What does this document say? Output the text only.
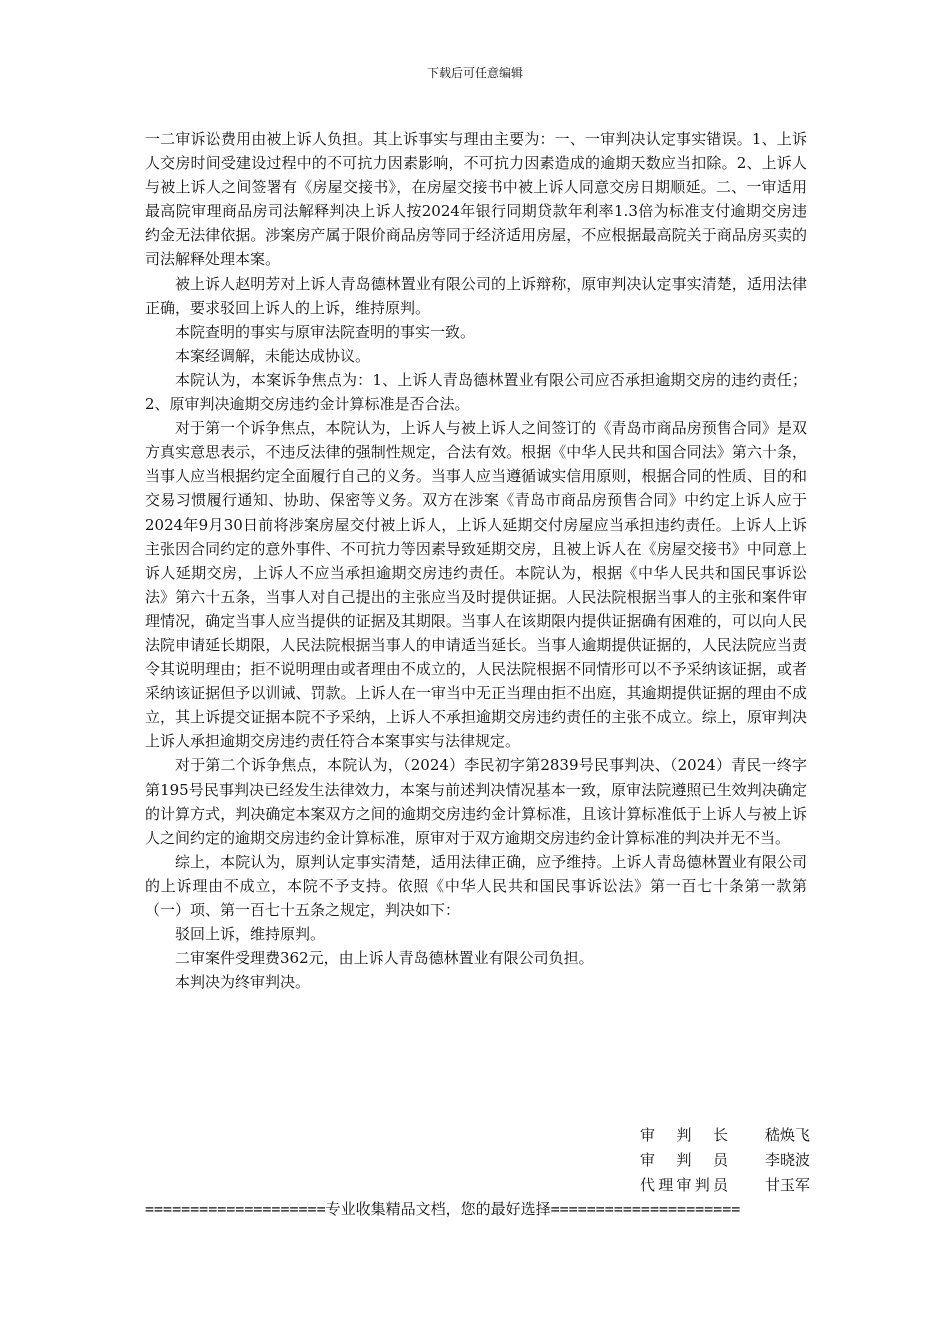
下载后可任意编辑

一二审诉讼费用由被上诉人负担。其上诉事实与理由主要为：一、一审判决认定事实错误。1、上诉人交房时间受建设过程中的不可抗力因素影响，不可抗力因素造成的逾期天数应当扣除。2、上诉人与被上诉人之间签署有《房屋交接书》，在房屋交接书中被上诉人同意交房日期顺延。二、一审适用最高院审理商品房司法解释判决上诉人按2024年银行同期贷款年利率1.3倍为标准支付逾期交房违约金无法律依据。涉案房产属于限价商品房等同于经济适用房屋，不应根据最高院关于商品房买卖的司法解释处理本案。

被上诉人赵明芳对上诉人青岛德林置业有限公司的上诉辩称，原审判决认定事实清楚，适用法律正确，要求驳回上诉人的上诉，维持原判。

本院查明的事实与原审法院查明的事实一致。

本案经调解，未能达成协议。

本院认为，本案诉争焦点为：1、上诉人青岛德林置业有限公司应否承担逾期交房的违约责任；2、原审判决逾期交房违约金计算标准是否合法。

对于第一个诉争焦点，本院认为，上诉人与被上诉人之间签订的《青岛市商品房预售合同》是双方真实意思表示，不违反法律的强制性规定，合法有效。根据《中华人民共和国合同法》第六十条，当事人应当根据约定全面履行自己的义务。当事人应当遵循诚实信用原则，根据合同的性质、目的和交易习惯履行通知、协助、保密等义务。双方在涉案《青岛市商品房预售合同》中约定上诉人应于2024年9月30日前将涉案房屋交付被上诉人，上诉人延期交付房屋应当承担违约责任。上诉人上诉主张因合同约定的意外事件、不可抗力等因素导致延期交房，且被上诉人在《房屋交接书》中同意上诉人延期交房，上诉人不应当承担逾期交房违约责任。本院认为，根据《中华人民共和国民事诉讼法》第六十五条，当事人对自己提出的主张应当及时提供证据。人民法院根据当事人的主张和案件审理情况，确定当事人应当提供的证据及其期限。当事人在该期限内提供证据确有困难的，可以向人民法院申请延长期限，人民法院根据当事人的申请适当延长。当事人逾期提供证据的，人民法院应当责令其说明理由；拒不说明理由或者理由不成立的，人民法院根据不同情形可以不予采纳该证据，或者采纳该证据但予以训诫、罚款。上诉人在一审当中无正当理由拒不出庭，其逾期提供证据的理由不成立，其上诉提交证据本院不予采纳，上诉人不承担逾期交房违约责任的主张不成立。综上，原审判决上诉人承担逾期交房违约责任符合本案事实与法律规定。

对于第二个诉争焦点，本院认为，（2024）李民初字第2839号民事判决、（2024）青民一终字第195号民事判决已经发生法律效力，本案与前述判决情况基本一致，原审法院遵照已生效判决确定的计算方式，判决确定本案双方之间的逾期交房违约金计算标准，且该计算标准低于上诉人与被上诉人之间约定的逾期交房违约金计算标准，原审对于双方逾期交房违约金计算标准的判决并无不当。

综上，本院认为，原判认定事实清楚，适用法律正确，应予维持。上诉人青岛德林置业有限公司的上诉理由不成立，本院不予支持。依照《中华人民共和国民事诉讼法》第一百七十条第一款第（一）项、第一百七十五条之规定，判决如下：

驳回上诉，维持原判。

二审案件受理费362元，由上诉人青岛德林置业有限公司负担。

本判决为终审判决。

审判长	嵇焕飞
审判员	李晓波
代理审判员	甘玉军
====================专业收集精品文档，您的最好选择=====================
